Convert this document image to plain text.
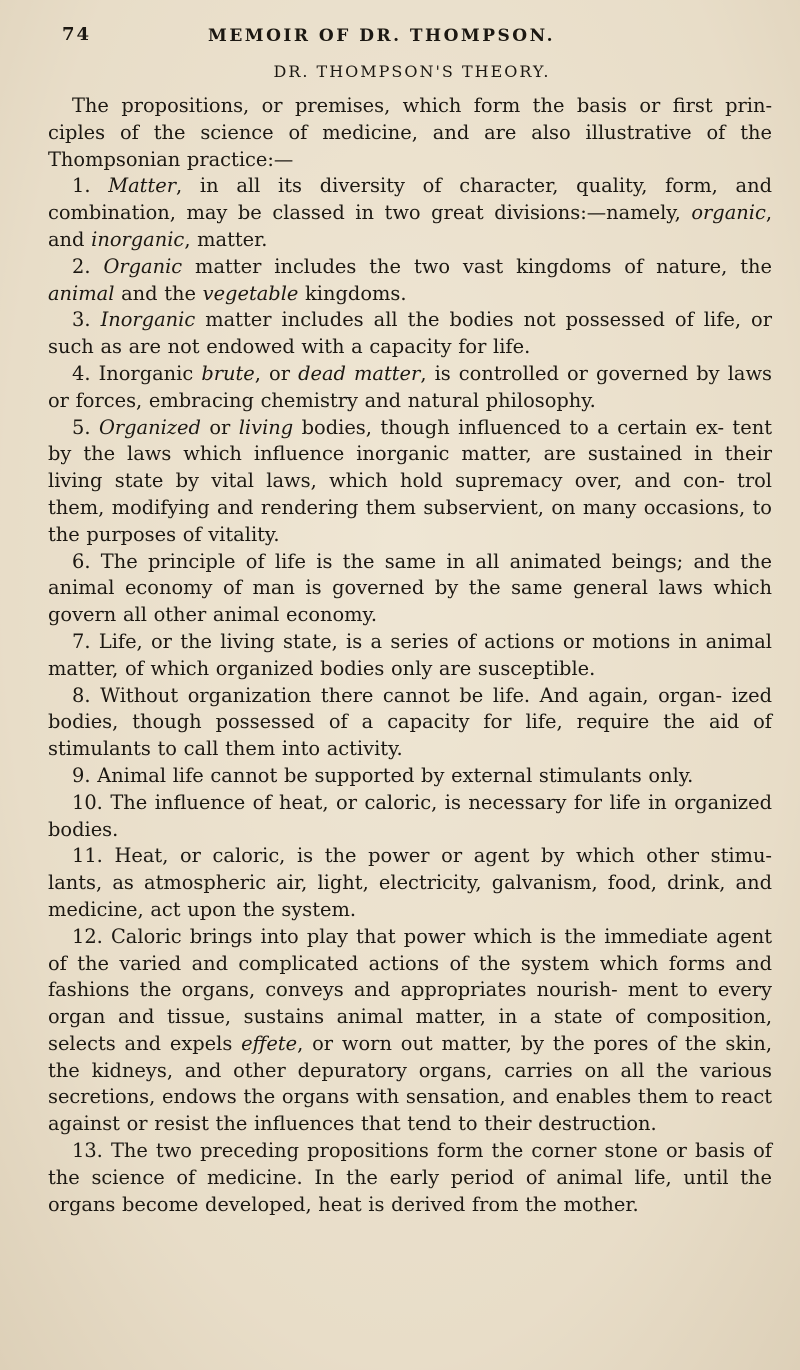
74	MEMOIR OF DR. THOMPSON.
DR. THOMPSON'S THEORY.

The propositions, or premises, which form the basis or first prin- ciples of the science of medicine, and are also illustrative of the Thompsonian practice:—

1. Matter, in all its diversity of character, quality, form, and combination, may be classed in two great divisions:—namely, organic, and inorganic, matter.

2. Organic matter includes the two vast kingdoms of nature, the animal and the vegetable kingdoms.

3. Inorganic matter includes all the bodies not possessed of life, or such as are not endowed with a capacity for life.

4. Inorganic brute, or dead matter, is controlled or governed by laws or forces, embracing chemistry and natural philosophy.

5. Organized or living bodies, though influenced to a certain ex- tent by the laws which influence inorganic matter, are sustained in their living state by vital laws, which hold supremacy over, and con- trol them, modifying and rendering them subservient, on many occasions, to the purposes of vitality.

6. The principle of life is the same in all animated beings; and the animal economy of man is governed by the same general laws which govern all other animal economy.

7. Life, or the living state, is a series of actions or motions in animal matter, of which organized bodies only are susceptible.

8. Without organization there cannot be life. And again, organ- ized bodies, though possessed of a capacity for life, require the aid of stimulants to call them into activity.

9. Animal life cannot be supported by external stimulants only.

10. The influence of heat, or caloric, is necessary for life in organized bodies.

11. Heat, or caloric, is the power or agent by which other stimu- lants, as atmospheric air, light, electricity, galvanism, food, drink, and medicine, act upon the system.

12. Caloric brings into play that power which is the immediate agent of the varied and complicated actions of the system which forms and fashions the organs, conveys and appropriates nourish- ment to every organ and tissue, sustains animal matter, in a state of composition, selects and expels effete, or worn out matter, by the pores of the skin, the kidneys, and other depuratory organs, carries on all the various secretions, endows the organs with sensation, and enables them to react against or resist the influences that tend to their destruction.

13. The two preceding propositions form the corner stone or basis of the science of medicine. In the early period of animal life, until the organs become developed, heat is derived from the mother.
